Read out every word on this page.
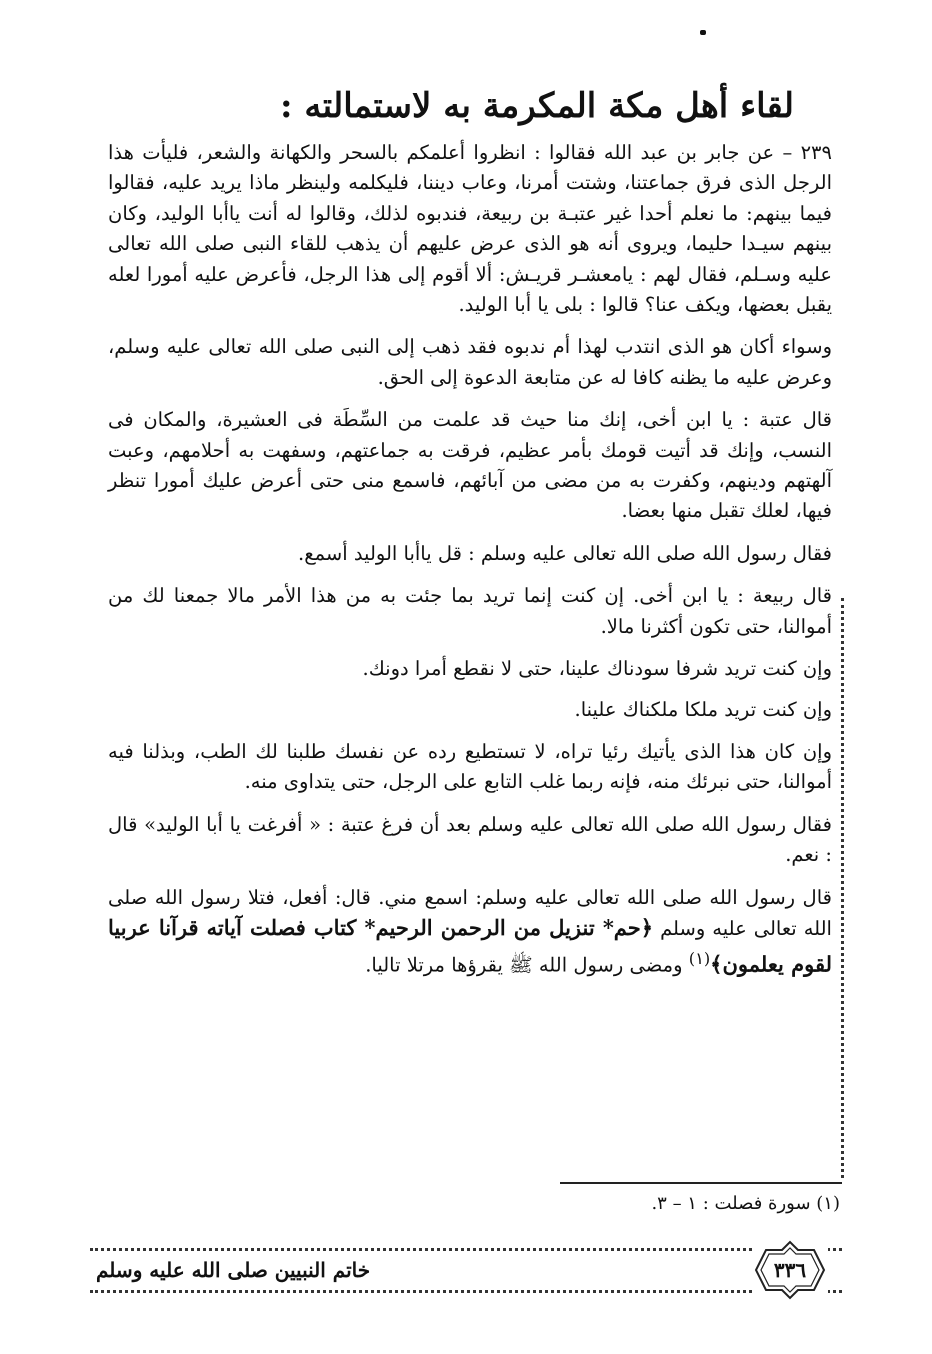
لقاء أهل مكة المكرمة به لاستمالته :

٢٣٩ – عن جابر بن عبد الله فقالوا : انظروا أعلمكم بالسحر والكهانة والشعر، فليأت هذا الرجل الذى فرق جماعتنا، وشتت أمرنا، وعاب ديننا، فليكلمه ولينظر ماذا يريد عليه، فقالوا فيما بينهم: ما نعلم أحدا غير عتبـة بن ربيعة، فندبوه لذلك، وقالوا له أنت ياأبا الوليد، وكان بينهم سيـدا حليما، ويروى أنه هو الذى عرض عليهم أن يذهب للقاء النبى صلى الله تعالى عليه وسـلم، فقال لهم : يامعشـر قريـش: ألا أقوم إلى هذا الرجل، فأعرض عليه أمورا لعله يقبل بعضها، ويكف عنا؟ قالوا : بلى يا أبا الوليد.

وسواء أكان هو الذى انتدب لهذا أم ندبوه فقد ذهب إلى النبى صلى الله تعالى عليه وسلم، وعرض عليه ما يظنه كافا له عن متابعة الدعوة إلى الحق.

قال عتبة : يا ابن أخى، إنك منا حيث قد علمت من السِّطَة فى العشيرة، والمكان فى النسب، وإنك قد أتيت قومك بأمر عظيم، فرقت به جماعتهم، وسفهت به أحلامهم، وعبت آلهتهم ودينهم، وكفرت به من مضى من آبائهم، فاسمع منى حتى أعرض عليك أمورا تنظر فيها، لعلك تقبل منها بعضا.

فقال رسول الله صلى الله تعالى عليه وسلم : قل ياأبا الوليد أسمع.

قال ربيعة : يا ابن أخى. إن كنت إنما تريد بما جئت به من هذا الأمر مالا جمعنا لك من أموالنا، حتى تكون أكثرنا مالا.

وإن كنت تريد شرفا سودناك علينا، حتى لا نقطع أمرا دونك.

وإن كنت تريد ملكا ملكناك علينا.

وإن كان هذا الذى يأتيك رئيا تراه، لا تستطيع رده عن نفسك طلبنا لك الطب، وبذلنا فيه أموالنا، حتى نبرئك منه، فإنه ربما غلب التابع على الرجل، حتى يتداوى منه.

فقال رسول الله صلى الله تعالى عليه وسلم بعد أن فرغ عتبة : « أفرغت يا أبا الوليد» قال : نعم.

قال رسول الله صلى الله تعالى عليه وسلم: اسمع مني. قال: أفعل، فتلا رسول الله صلى الله تعالى عليه وسلم ﴿حم* تنزيل من الرحمن الرحيم* كتاب فصلت آياته قرآنا عربيا لقوم يعلمون﴾$^{(١)}$ ومضى رسول الله ﷺ يقرؤها مرتلا تاليا.

(١) سورة فصلت : ١ – ٣.
خاتم النبيين صلى الله عليه وسلم	٣٣٦
